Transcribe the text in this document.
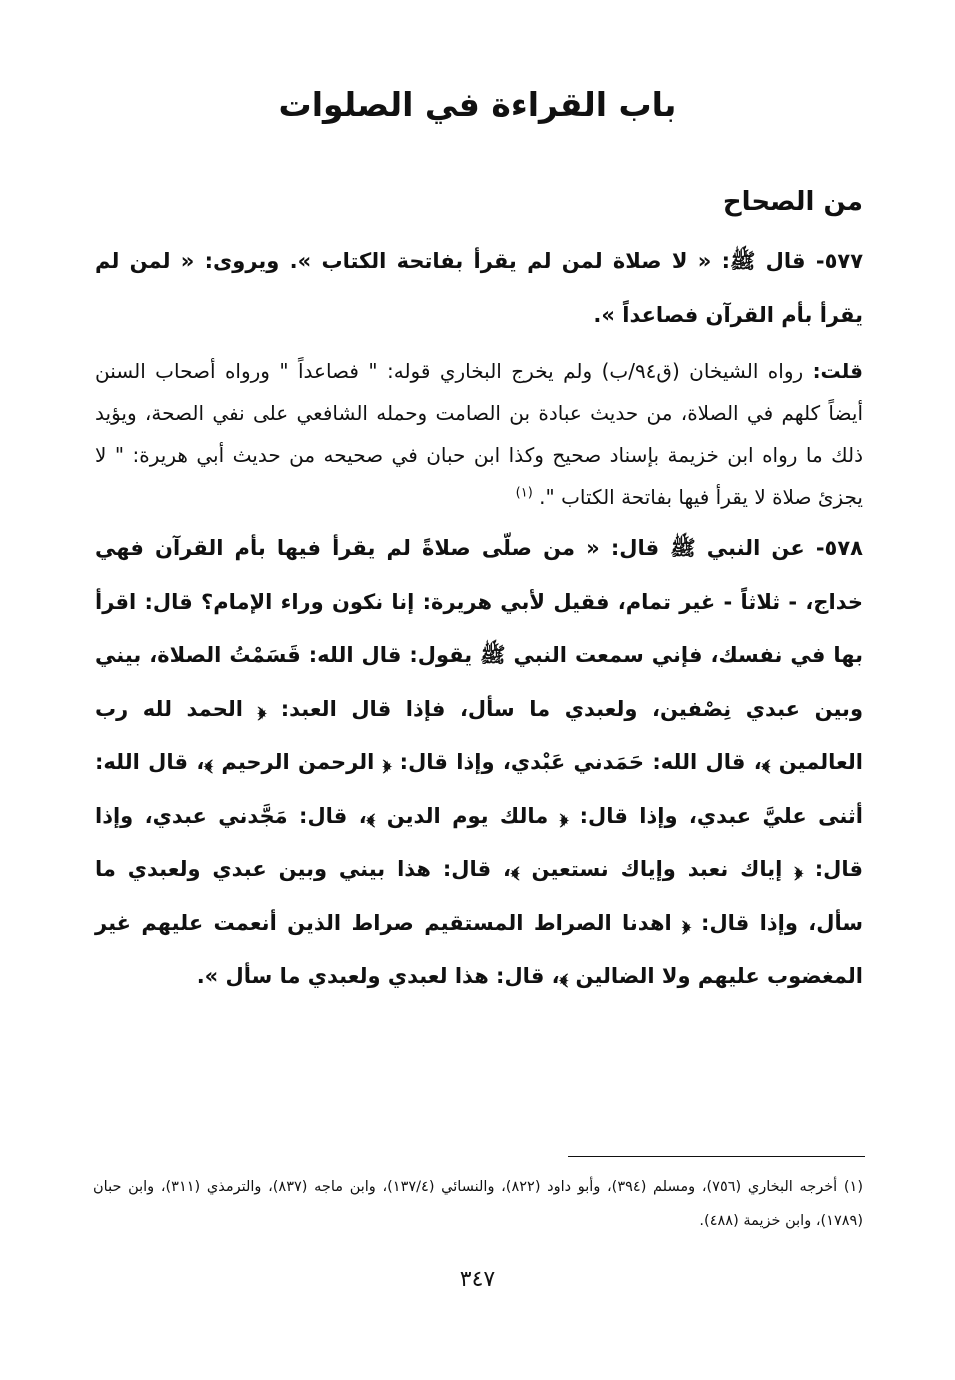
باب القراءة في الصلوات
من الصحاح

٥٧٧- قال ﷺ: « لا صلاة لمن لم يقرأ بفاتحة الكتاب ». ويروى: « لمن لم يقرأ بأم القرآن فصاعداً ».

قلت: رواه الشيخان (ق٩٤/ب) ولم يخرج البخاري قوله: " فصاعداً " ورواه أصحاب السنن أيضاً كلهم في الصلاة، من حديث عبادة بن الصامت وحمله الشافعي على نفي الصحة، ويؤيد ذلك ما رواه ابن خزيمة بإسناد صحيح وكذا ابن حبان في صحيحه من حديث أبي هريرة: " لا يجزئ صلاة لا يقرأ فيها بفاتحة الكتاب ". $^{(١)}$

٥٧٨- عن النبي ﷺ قال: « من صلّى صلاةً لم يقرأ فيها بأم القرآن فهي خداج، - ثلاثاً - غير تمام، فقيل لأبي هريرة: إنا نكون وراء الإمام؟ قال: اقرأ بها في نفسك، فإني سمعت النبي ﷺ يقول: قال الله: قَسَمْتُ الصلاة، بيني وبين عبدي نِصْفين، ولعبدي ما سأل، فإذا قال العبد: ﴿ الحمد لله رب العالمين ﴾، قال الله: حَمَدني عَبْدي، وإذا قال: ﴿ الرحمن الرحيم ﴾، قال الله: أثنى عليَّ عبدي، وإذا قال: ﴿ مالك يوم الدين ﴾، قال: مَجَّدني عبدي، وإذا قال: ﴿ إياك نعبد وإياك نستعين ﴾، قال: هذا بيني وبين عبدي ولعبدي ما سأل، وإذا قال: ﴿ اهدنا الصراط المستقيم صراط الذين أنعمت عليهم غير المغضوب عليهم ولا الضالين ﴾، قال: هذا لعبدي ولعبدي ما سأل ».

(١) أخرجه البخاري (٧٥٦)، ومسلم (٣٩٤)، وأبو داود (٨٢٢)، والنسائي (١٣٧/٤)، وابن ماجه (٨٣٧)، والترمذي (٣١١)، وابن حبان (١٧٨٩)، وابن خزيمة (٤٨٨).

٣٤٧
